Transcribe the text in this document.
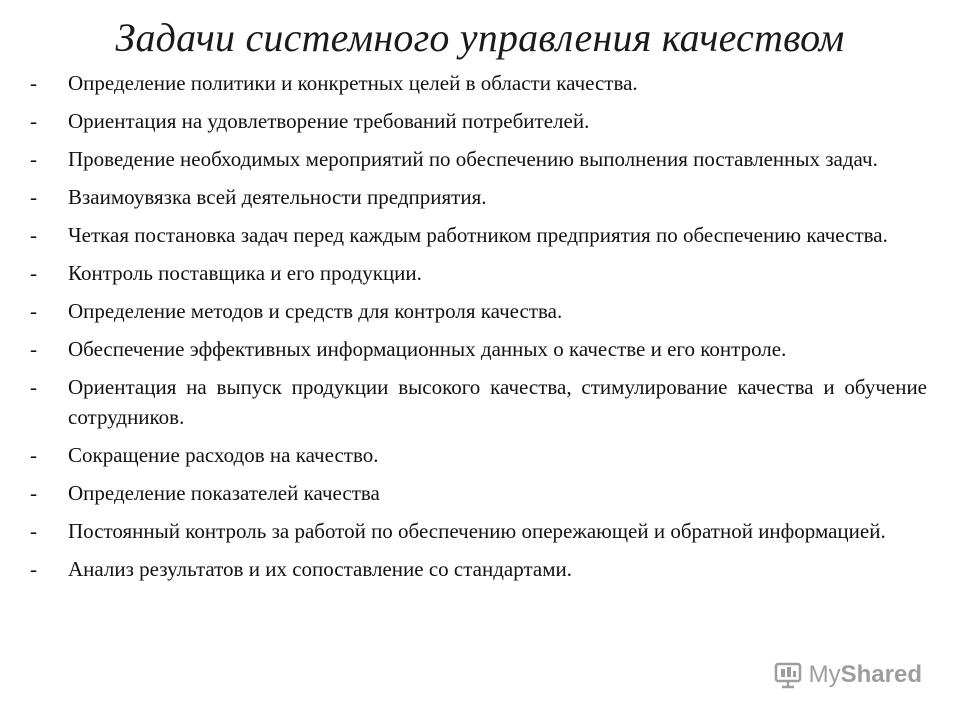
Задачи системного управления качеством
-	Определение политики и конкретных целей в области качества.
-	Ориентация на удовлетворение требований потребителей.
-	Проведение необходимых мероприятий по обеспечению выполнения поставленных задач.
-	Взаимоувязка всей деятельности предприятия.
-	Четкая постановка задач перед каждым работником предприятия по обеспечению качества.
-	Контроль поставщика и его продукции.
-	Определение методов и средств для контроля качества.
-	Обеспечение эффективных информационных данных о качестве и его контроле.
-	Ориентация на выпуск продукции высокого качества, стимулирование качества и обучение сотрудников.
-	Сокращение расходов на качество.
-	Определение показателей качества
-	Постоянный контроль за работой по обеспечению опережающей и обратной информацией.
-	Анализ результатов и их сопоставление со стандартами.
My Shared
